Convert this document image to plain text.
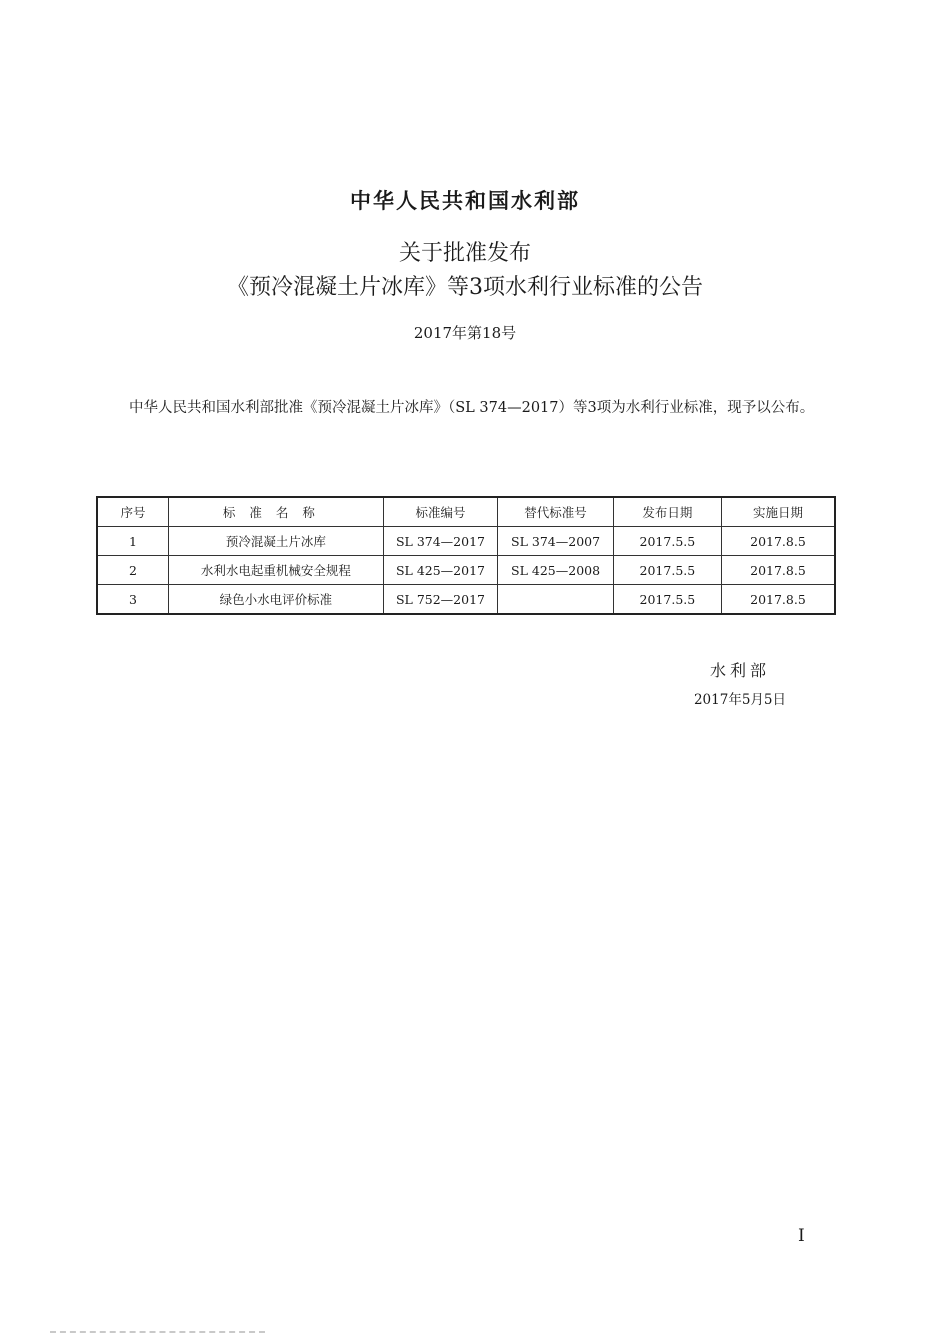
中华人民共和国水利部
关于批准发布
《预冷混凝土片冰库》等3项水利行业标准的公告
2017年第18号

中华人民共和国水利部批准《预冷混凝土片冰库》（SL 374—2017）等3项为水利行业标准，现予以公布。

序号	标准名称	标准编号	替代标准号	发布日期	实施日期
1	预冷混凝土片冰库	SL 374—2017	SL 374—2007	2017.5.5	2017.8.5
2	水利水电起重机械安全规程	SL 425—2017	SL 425—2008	2017.5.5	2017.8.5
3	绿色小水电评价标准	SL 752—2017		2017.5.5	2017.8.5
水利部
2017年5月5日
I
